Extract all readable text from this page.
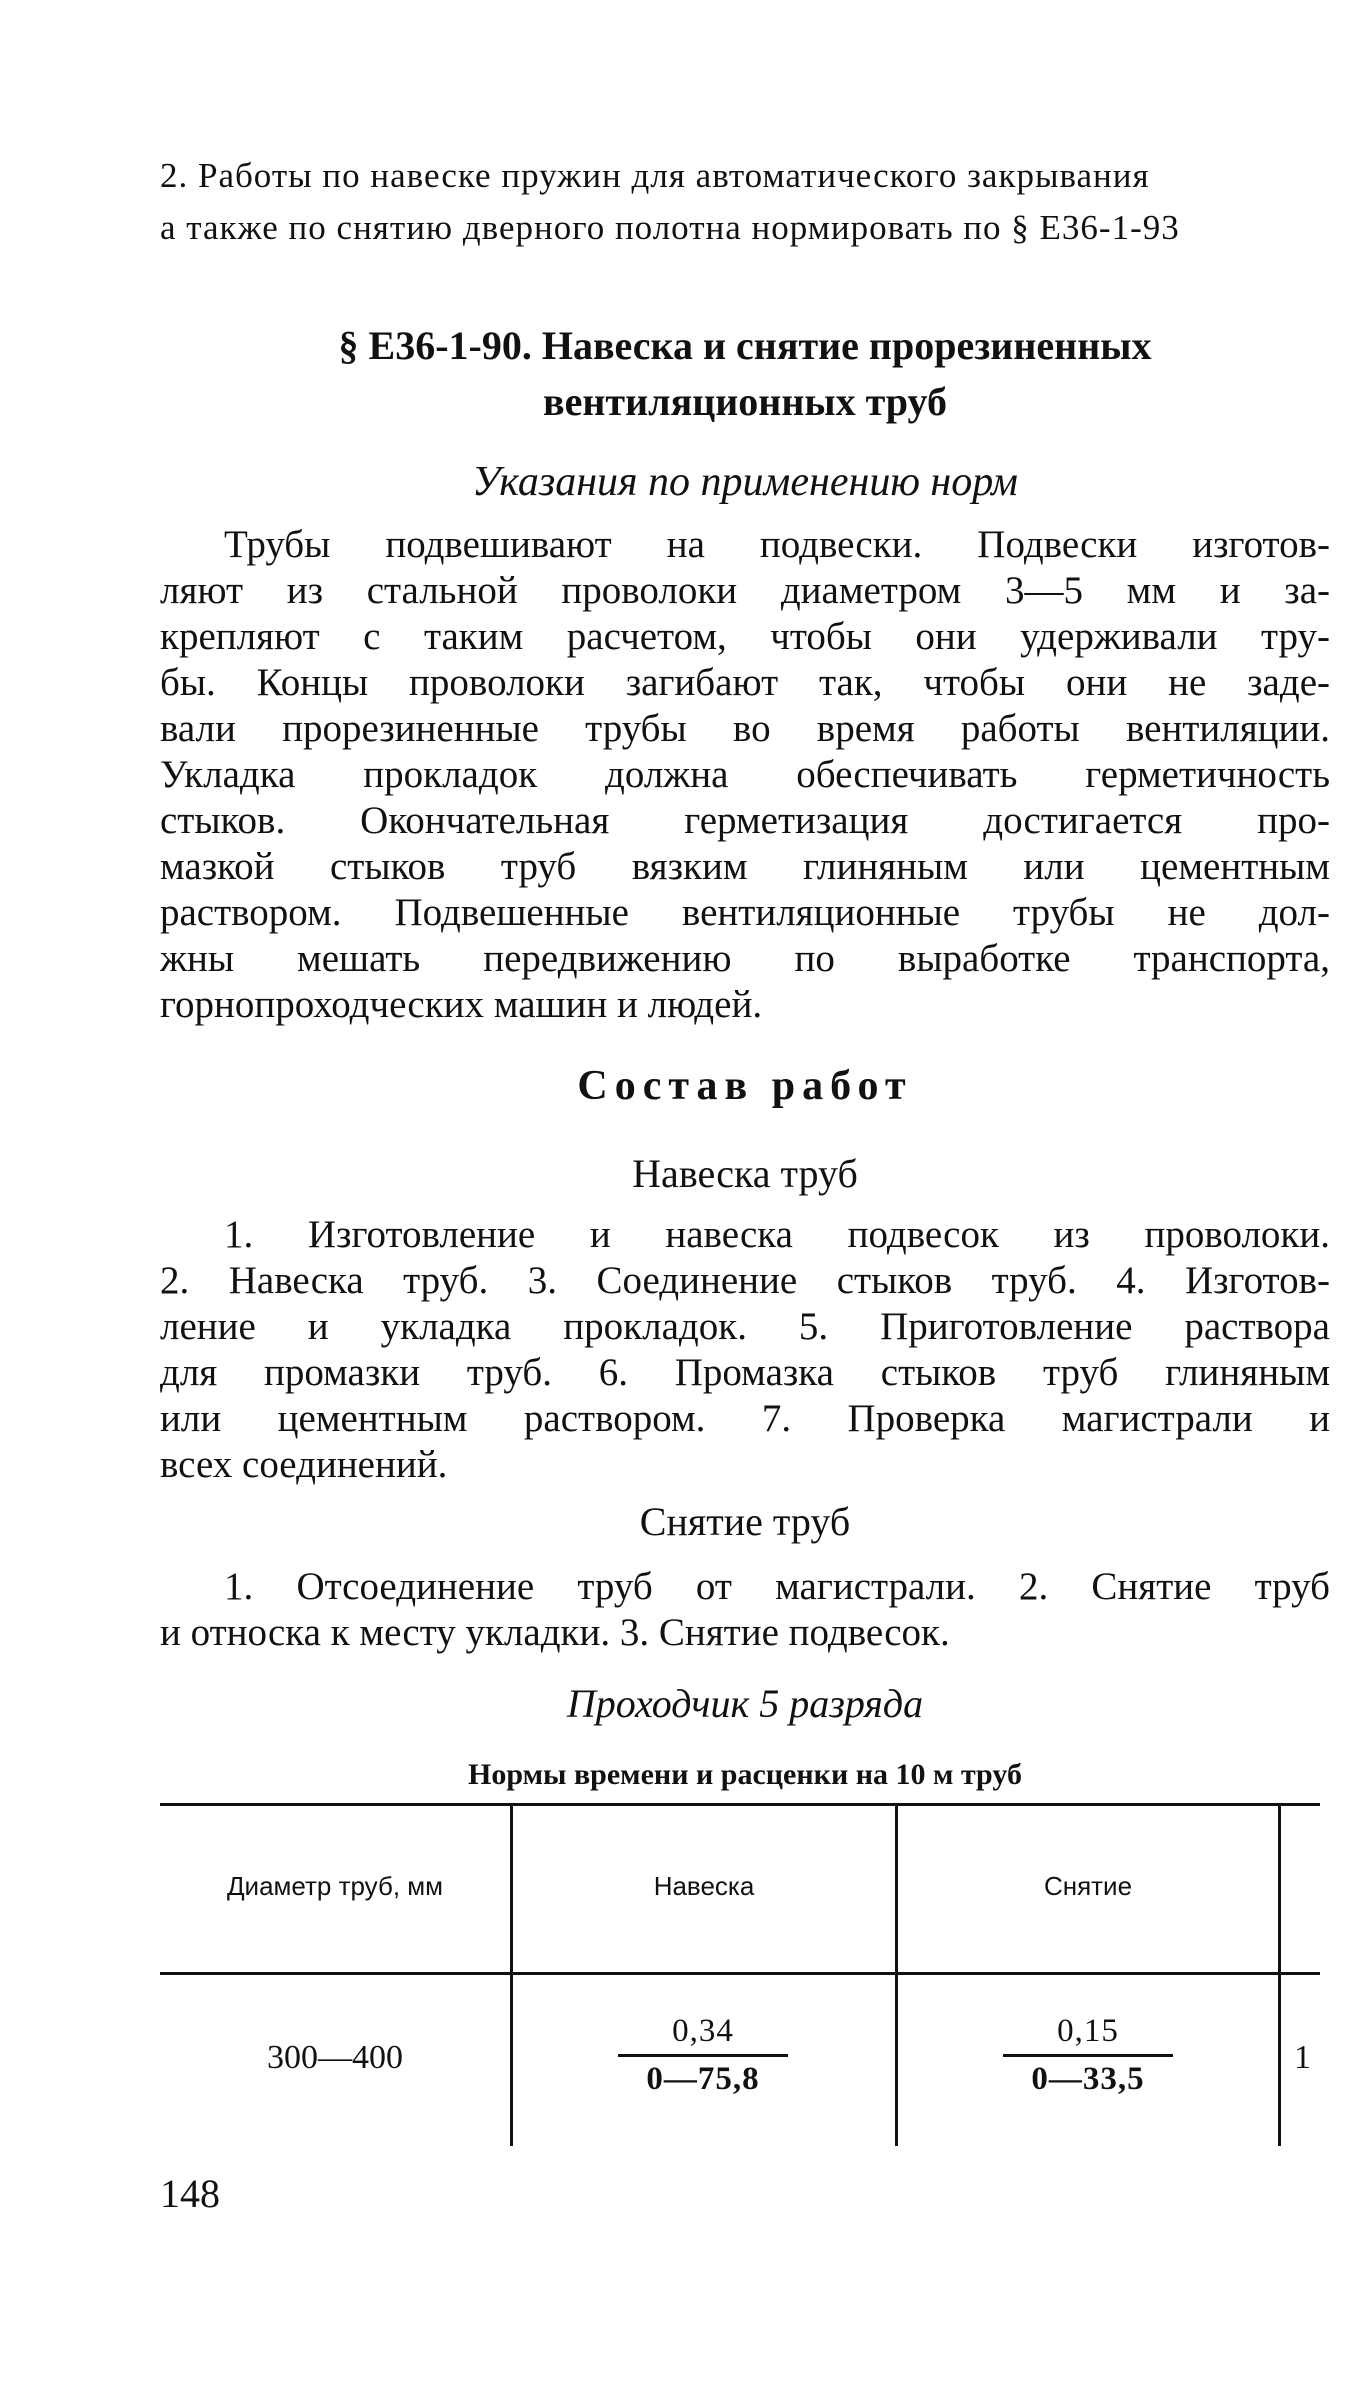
2. Работы по навеске пружин для автоматического закрывания

а также по снятию дверного полотна нормировать по § Е36-1-93

§ Е36-1-90. Навеска и снятие прорезиненных
вентиляционных труб
Указания по применению норм
Трубы подвешивают на подвески. Подвески изготов-
ляют из стальной проволоки диаметром 3—5 мм и за-
крепляют с таким расчетом, чтобы они удерживали тру-
бы. Концы проволоки загибают так, чтобы они не заде-
вали прорезиненные трубы во время работы вентиляции.
Укладка прокладок должна обеспечивать герметичность
стыков. Окончательная герметизация достигается про-
мазкой стыков труб вязким глиняным или цементным
раствором. Подвешенные вентиляционные трубы не дол-
жны мешать передвижению по выработке транспорта,
горнопроходческих машин и людей.
Состав работ
Навеска труб
1. Изготовление и навеска подвесок из проволоки.
2. Навеска труб. 3. Соединение стыков труб. 4. Изготов-
ление и укладка прокладок. 5. Приготовление раствора
для промазки труб. 6. Промазка стыков труб глиняным
или цементным раствором. 7. Проверка магистрали и
всех соединений.
Снятие труб
1. Отсоединение труб от магистрали. 2. Снятие труб
и относка к месту укладки. 3. Снятие подвесок.
Проходчик 5 разряда
Нормы времени и расценки на 10 м труб
Диаметр труб, мм	Навеска	Снятие
300—400	$\frac{0,34}{0—75,8}$	$\frac{0,15}{0—33,5}$	1
148
